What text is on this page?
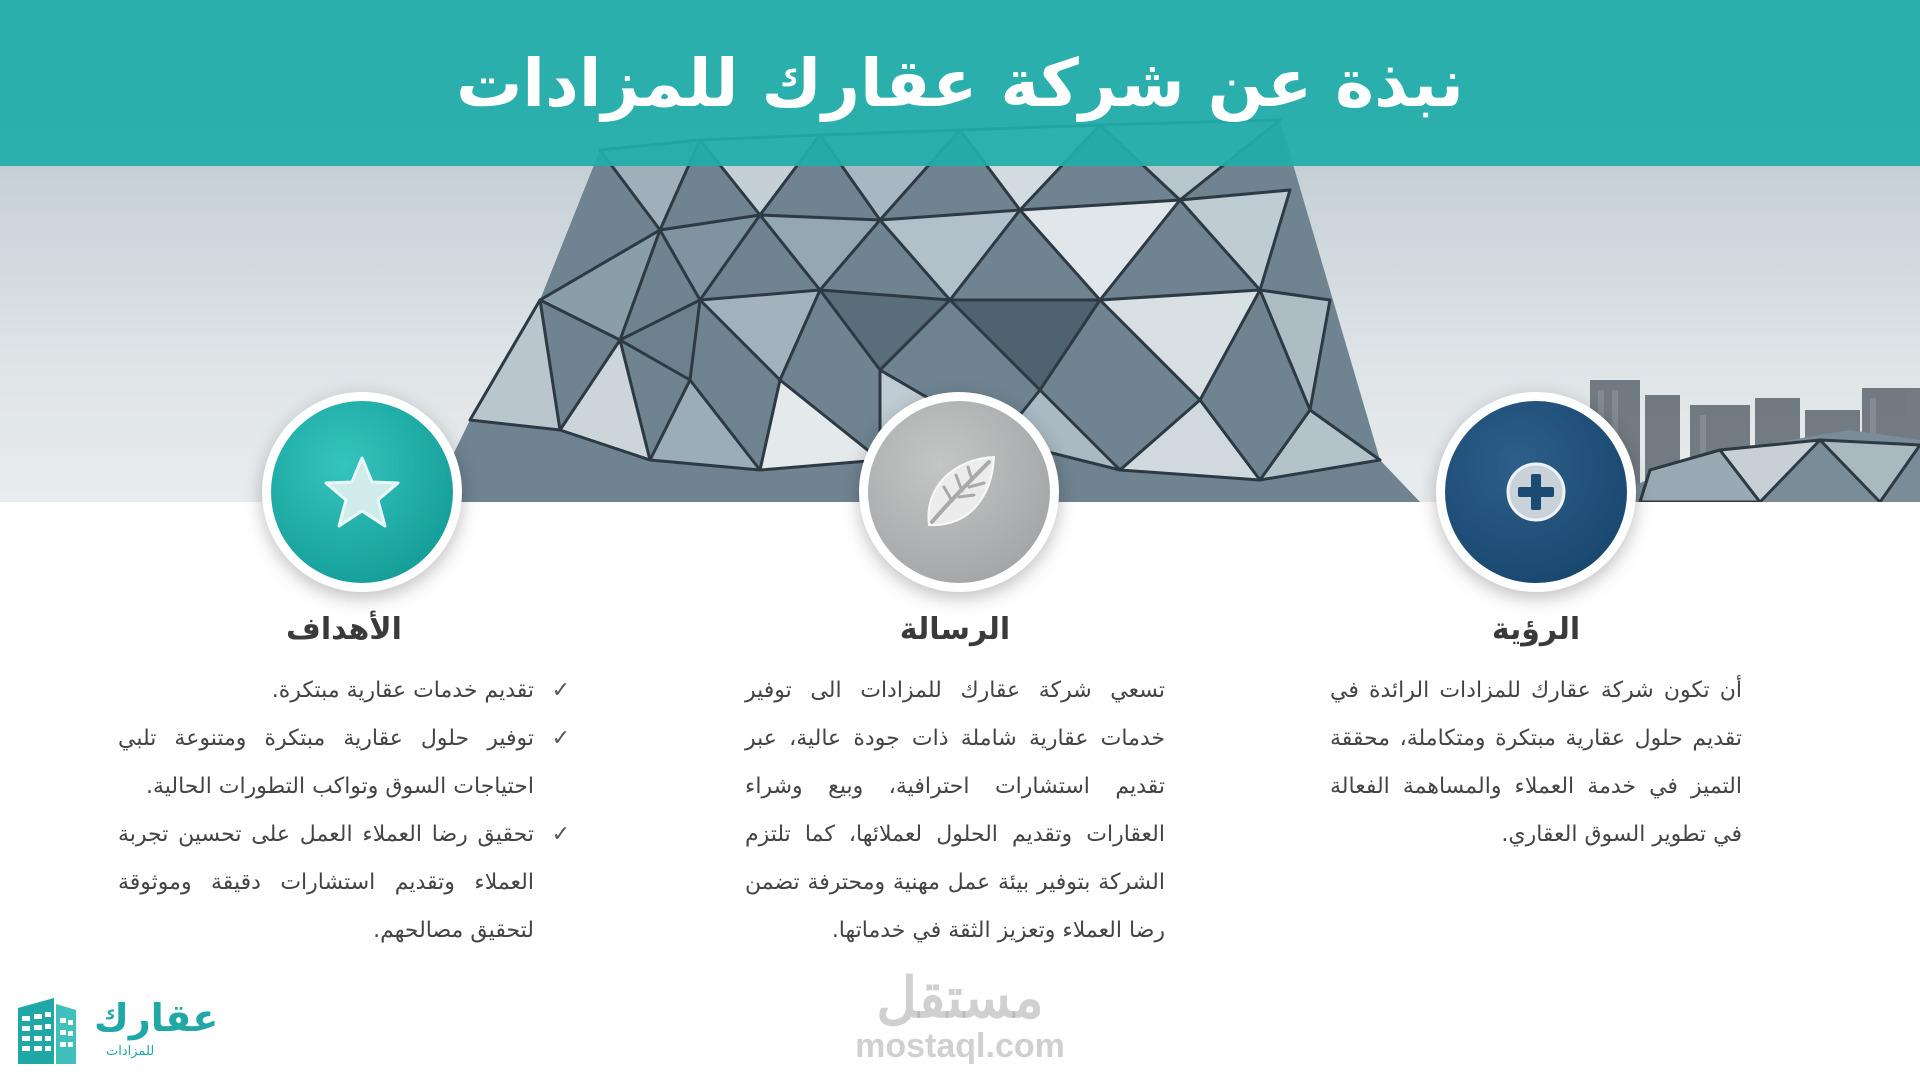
نبذة عن شركة عقارك للمزادات
الرؤية

أن تكون شركة عقارك للمزادات الرائدة في تقديم حلول عقارية مبتكرة ومتكاملة، محققة التميز في خدمة العملاء والمساهمة الفعالة في تطوير السوق العقاري.

الرسالة

تسعي شركة عقارك للمزادات الى توفير خدمات عقارية شاملة ذات جودة عالية، عبر تقديم استشارات احترافية، وبيع وشراء العقارات وتقديم الحلول لعملائها، كما تلتزم الشركة بتوفير بيئة عمل مهنية ومحترفة تضمن رضا العملاء وتعزيز الثقة في خدماتها.

الأهداف
✓
تقديم خدمات عقارية مبتكرة.
✓
توفير حلول عقارية مبتكرة ومتنوعة تلبي احتياجات السوق وتواكب التطورات الحالية.
✓
تحقيق رضا العملاء العمل على تحسين تجربة العملاء وتقديم استشارات دقيقة وموثوقة لتحقيق مصالحهم.
مستقل
mostaql.com
عقارك
للمزادات
